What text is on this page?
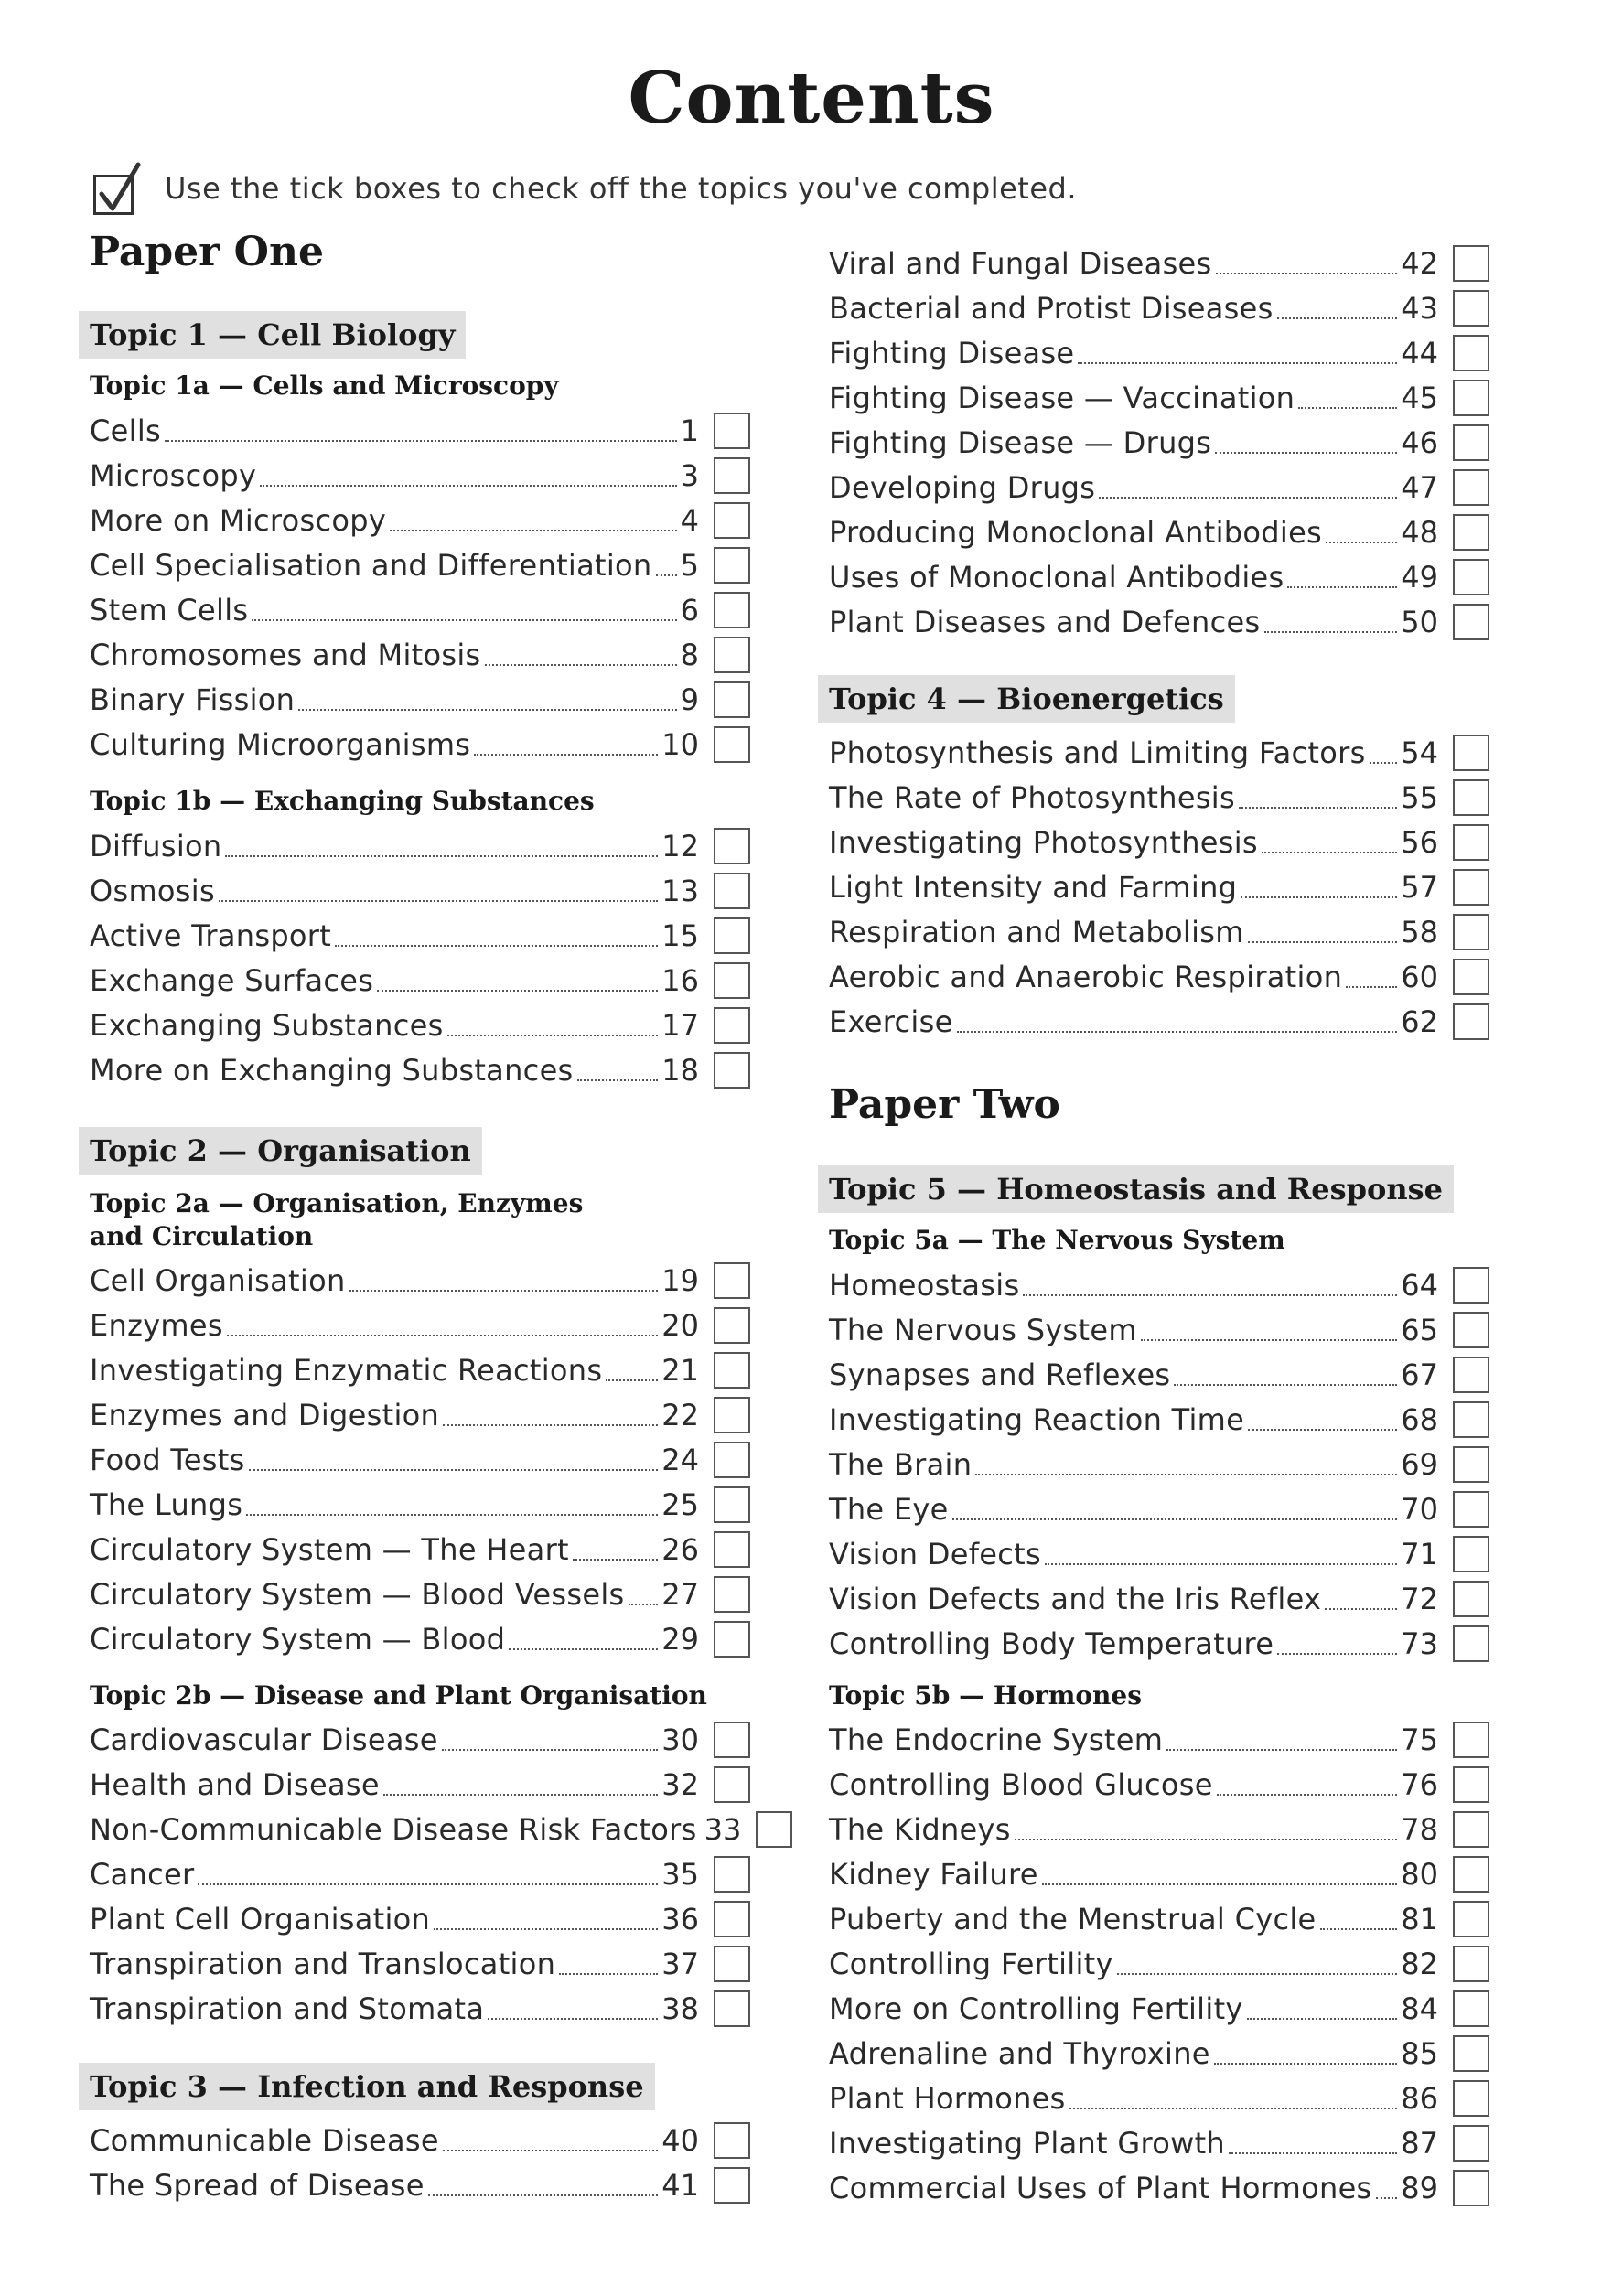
Contents
Use the tick boxes to check off the topics you've completed.
Paper One
Topic 1 — Cell Biology
Topic 1a — Cells and Microscopy
Cells	1
Microscopy	3
More on Microscopy	4
Cell Specialisation and Differentiation 5
Stem Cells	6
Chromosomes and Mitosis	8
Binary Fission	9
Culturing Microorganisms	10
Topic 1b — Exchanging Substances
Diffusion	12
Osmosis	13
Active Transport	15
Exchange Surfaces	16
Exchanging Substances	17
More on Exchanging Substances	18
Topic 2 — Organisation
Topic 2a — Organisation, Enzymes
and Circulation
Cell Organisation	19
Enzymes	20
Investigating Enzymatic Reactions 21
Enzymes and Digestion	22
Food Tests	24
The Lungs	25
Circulatory System — The Heart	26
Circulatory System — Blood Vessels 27
Circulatory System — Blood	29
Topic 2b — Disease and Plant Organisation
Cardiovascular Disease	30
Health and Disease	32
Non-Communicable Disease Risk Factors 33
Cancer	35
Plant Cell Organisation	36
Transpiration and Translocation	37
Transpiration and Stomata	38
Topic 3 — Infection and Response
Communicable Disease	40
The Spread of Disease	41
Viral and Fungal Diseases	42
Bacterial and Protist Diseases	43
Fighting Disease	44
Fighting Disease — Vaccination	45
Fighting Disease — Drugs	46
Developing Drugs	47
Producing Monoclonal Antibodies	48
Uses of Monoclonal Antibodies	49
Plant Diseases and Defences	50
Topic 4 — Bioenergetics
Photosynthesis and Limiting Factors 54
The Rate of Photosynthesis	55
Investigating Photosynthesis	56
Light Intensity and Farming	57
Respiration and Metabolism	58
Aerobic and Anaerobic Respiration 60
Exercise	62
Paper Two
Topic 5 — Homeostasis and Response
Topic 5a — The Nervous System
Homeostasis	64
The Nervous System	65
Synapses and Reflexes	67
Investigating Reaction Time	68
The Brain	69
The Eye	70
Vision Defects	71
Vision Defects and the Iris Reflex	72
Controlling Body Temperature	73
Topic 5b — Hormones
The Endocrine System	75
Controlling Blood Glucose	76
The Kidneys	78
Kidney Failure	80
Puberty and the Menstrual Cycle	81
Controlling Fertility	82
More on Controlling Fertility	84
Adrenaline and Thyroxine	85
Plant Hormones	86
Investigating Plant Growth	87
Commercial Uses of Plant Hormones 89
